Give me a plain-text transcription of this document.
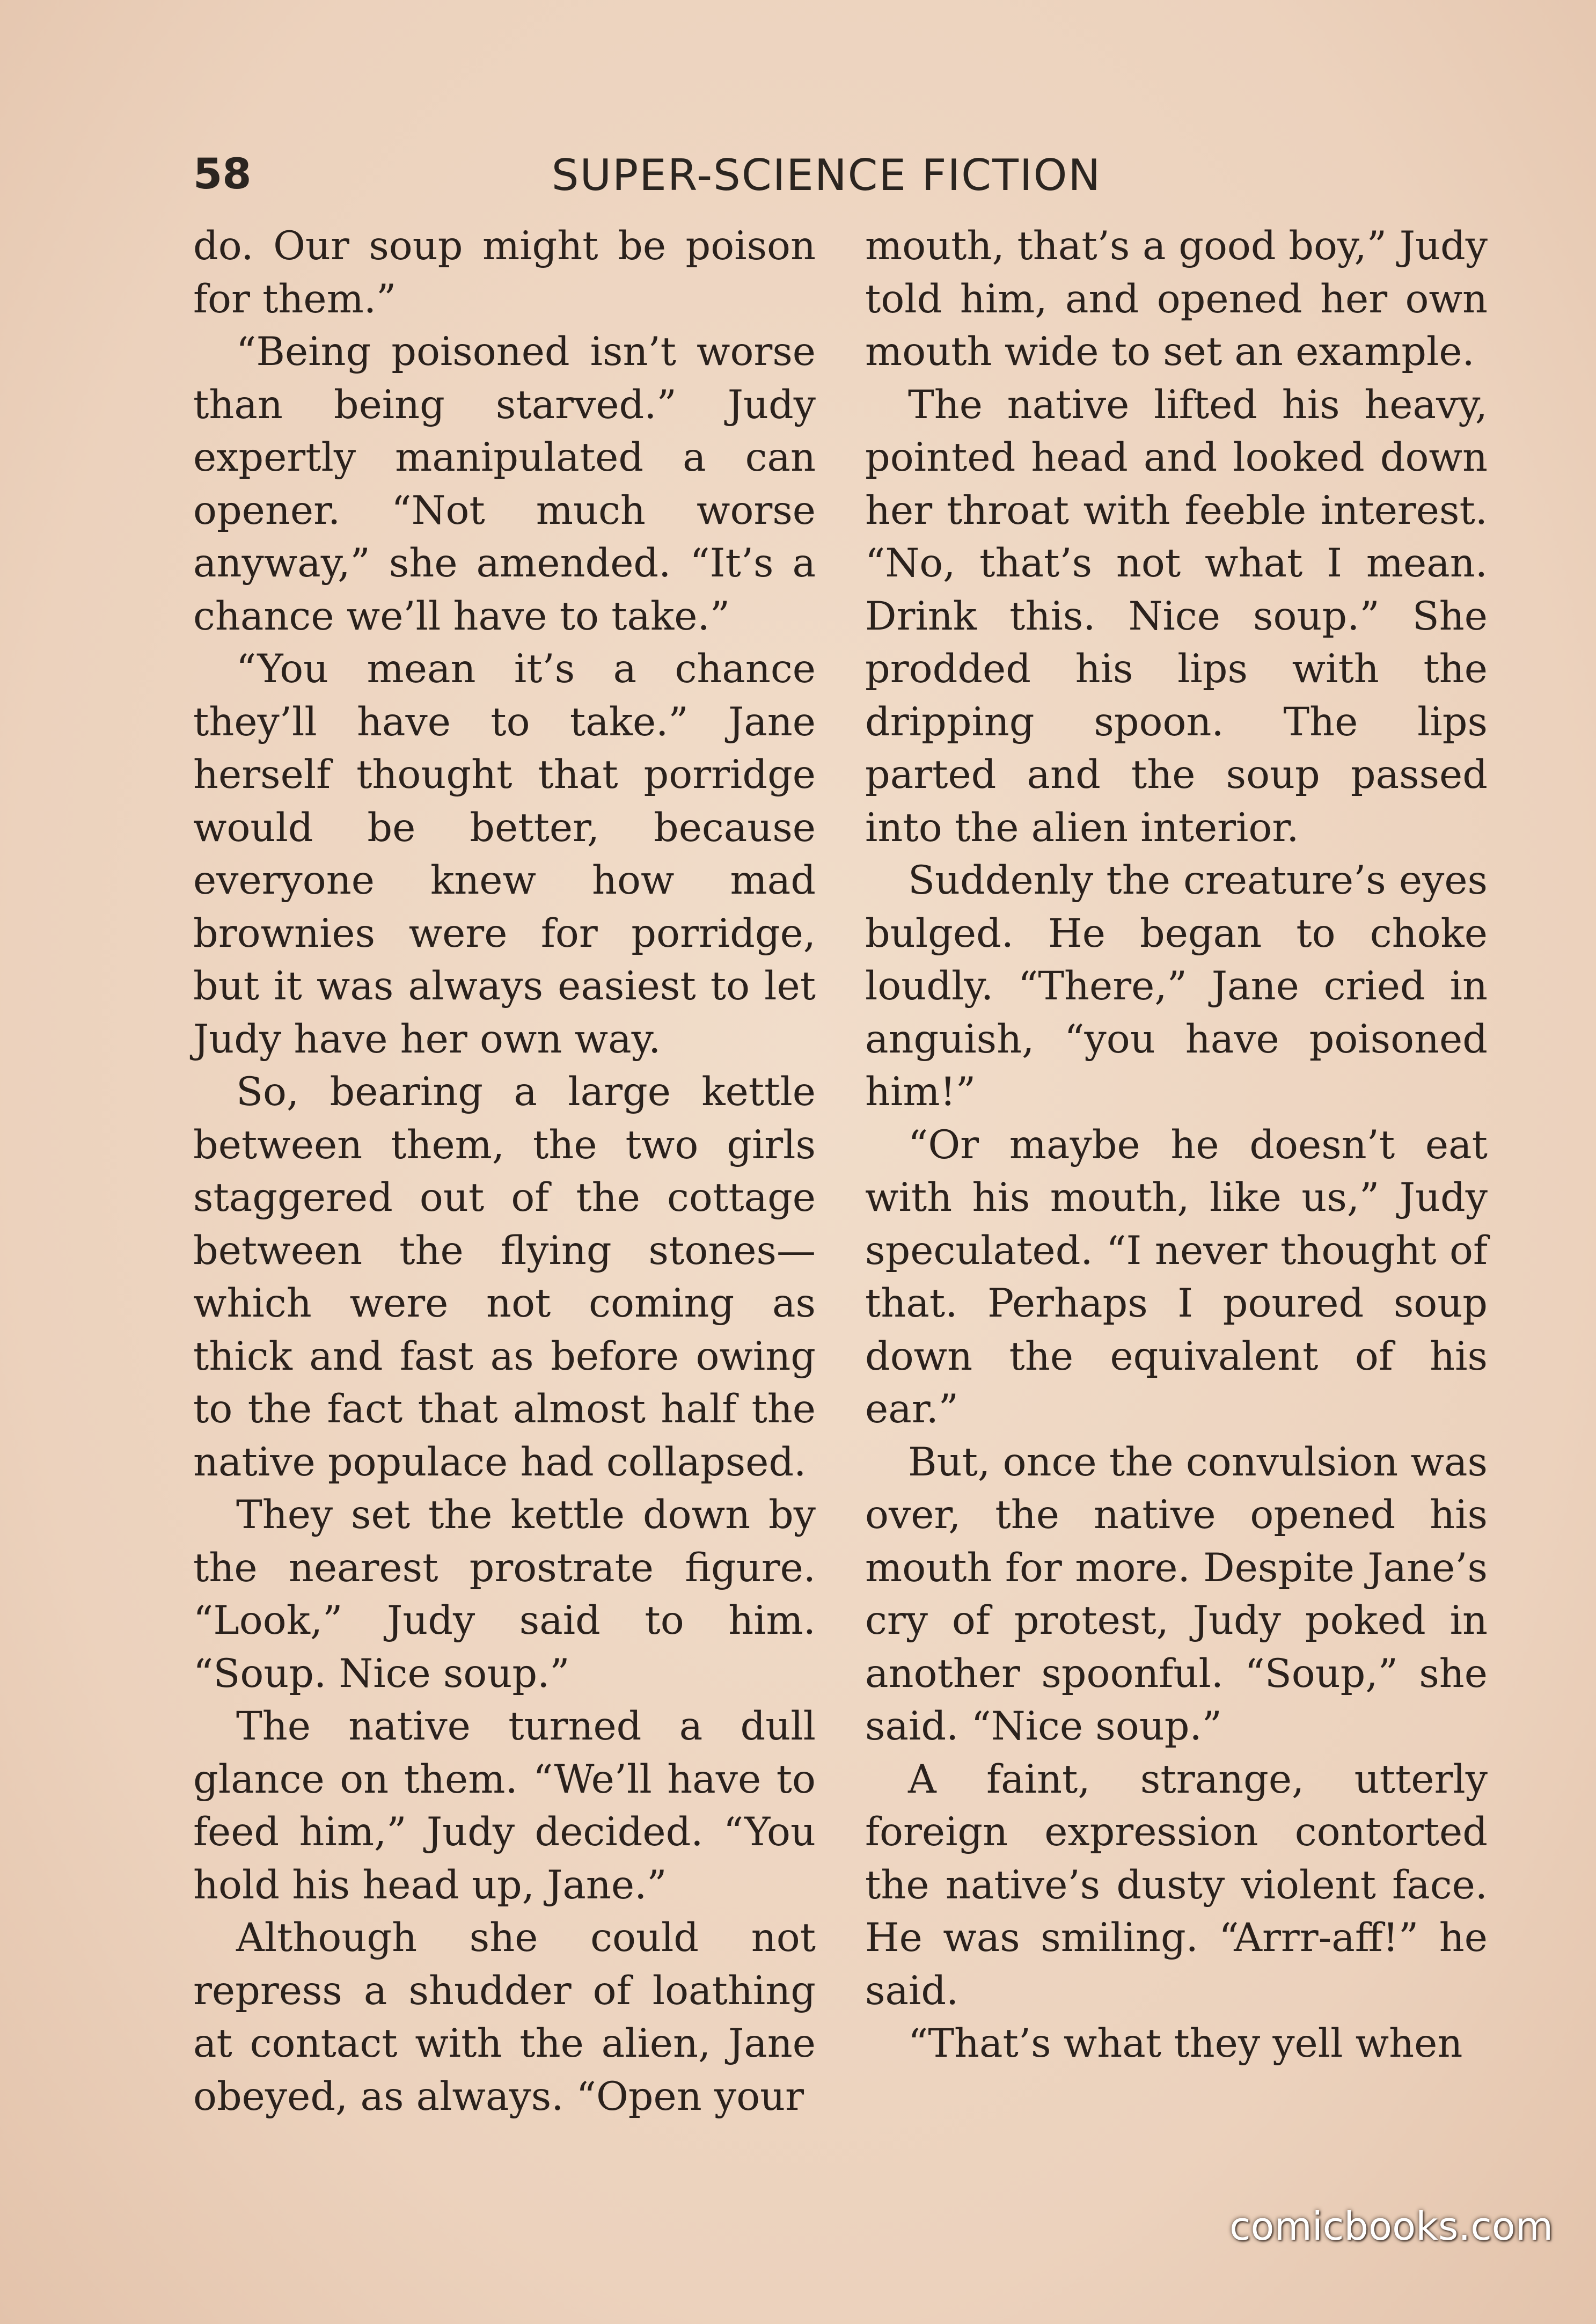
58	SUPER-SCIENCE FICTION

do. Our soup might be poison for them.”

“Being poisoned isn’t worse than being starved.” Judy expertly manipulated a can opener. “Not much worse anyway,” she amended. “It’s a chance we’ll have to take.”

“You mean it’s a chance they’ll have to take.” Jane herself thought that porridge would be better, because everyone knew how mad brownies were for porridge, but it was always easiest to let Judy have her own way.

So, bearing a large kettle between them, the two girls staggered out of the cottage between the flying stones—which were not coming as thick and fast as before owing to the fact that almost half the native populace had collapsed.

They set the kettle down by the nearest prostrate figure. “Look,” Judy said to him. “Soup. Nice soup.”

The native turned a dull glance on them. “We’ll have to feed him,” Judy decided. “You hold his head up, Jane.”

Although she could not repress a shudder of loathing at contact with the alien, Jane obeyed, as always. “Open your

mouth, that’s a good boy,” Judy told him, and opened her own mouth wide to set an example.

The native lifted his heavy, pointed head and looked down her throat with feeble interest. “No, that’s not what I mean. Drink this. Nice soup.” She prodded his lips with the dripping spoon. The lips parted and the soup passed into the alien interior.

Suddenly the creature’s eyes bulged. He began to choke loudly. “There,” Jane cried in anguish, “you have poisoned him!”

“Or maybe he doesn’t eat with his mouth, like us,” Judy speculated. “I never thought of that. Perhaps I poured soup down the equivalent of his ear.”

But, once the convulsion was over, the native opened his mouth for more. Despite Jane’s cry of protest, Judy poked in another spoonful. “Soup,” she said. “Nice soup.”

A faint, strange, utterly foreign expression contorted the native’s dusty violent face. He was smiling. “Arrr-aff!” he said.

“That’s what they yell when

comicbooks.com
